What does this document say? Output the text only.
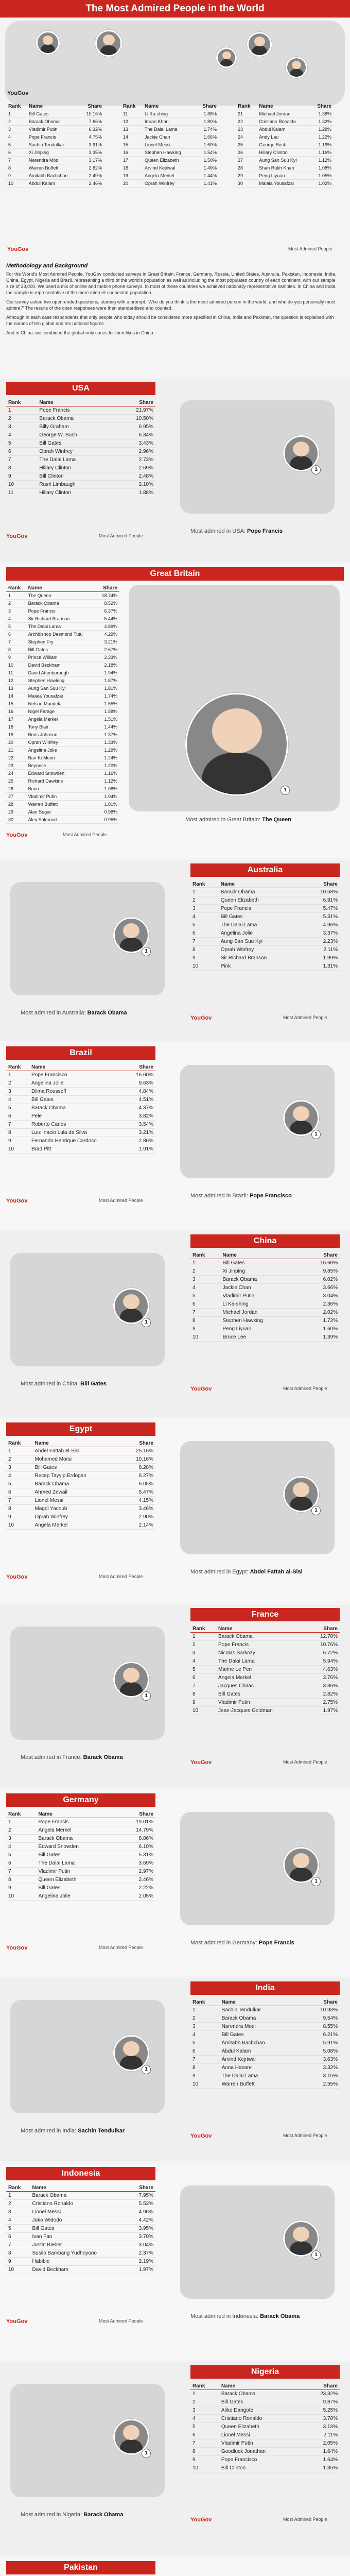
The Most Admired People in the World
YouGov
Rank	Name	Share
1	Bill Gates	10.16%
2	Barack Obama	7.66%
3	Vladimir Putin	6.32%
4	Pope Francis	4.75%
5	Sachin Tendulkar	3.91%
6	Xi Jinping	3.35%
7	Narendra Modi	3.17%
8	Warren Buffett	2.82%
9	Amitabh Bachchan	2.49%
10	Abdul Kalam	2.46%
Rank	Name	Share
11	Li Ka-shing	1.88%
12	Imran Khan	1.80%
13	The Dalai Lama	1.74%
14	Jackie Chan	1.66%
15	Lionel Messi	1.60%
16	Stephen Hawking	1.54%
17	Queen Elizabeth	1.50%
18	Arvind Kejriwal	1.49%
19	Angela Merkel	1.44%
20	Oprah Winfrey	1.41%
Rank	Name	Share
21	Michael Jordan	1.38%
22	Cristiano Ronaldo	1.32%
23	Abdul Kalam	1.28%
24	Andy Lau	1.22%
25	George Bush	1.19%
26	Hillary Clinton	1.16%
27	Aung San Suu Kyi	1.12%
28	Shah Rukh Khan	1.08%
29	Peng Liyuan	1.05%
30	Malala Yousafzai	1.02%
Most Admired People
YouGov
Methodology and Background

For the World's Most Admired People, YouGov conducted surveys in Great Britain, France, Germany, Russia, United States, Australia, Pakistan, Indonesia, India, China, Egypt, Nigeria and Brazil, representing a third of the world's population as well as including the most populated country of each continent, with our sample size of 23,000. We used a mix of online and mobile phone surveys. In most of these countries we achieved nationally representative samples. In China and India, the sample is representative of the more internet-connected population.

Our survey asked two open-ended questions, starting with a prompt: 'Who do you think is the most admired person in the world, and who do you personally most admire?' The results of the open responses were then standardised and counted.

Although in each case respondents that only people who today should be considered more specified in China, India and Pakistan, the question is explained with the names of ten global and ten national figures.

And in China, we combined the global-only cases for their likes in China.

USA
Rank	Name	Share
1	Pope Francis	21.97%
2	Barack Obama	10.50%
3	Billy Graham	6.95%
4	George W. Bush	6.34%
5	Bill Gates	3.43%
6	Oprah Winfrey	2.96%
7	The Dalai Lama	2.73%
8	Hillary Clinton	2.69%
9	Bill Clinton	2.48%
10	Rush Limbaugh	2.10%
11	Hillary Clinton	1.88%
1
Most admired in USA: Pope Francis
YouGov	Most Admired People
Great Britain
Rank	Name	Share
1	The Queen	18.74%
2	Barack Obama	8.52%
3	Pope Francis	6.37%
4	Sir Richard Branson	5.44%
5	The Dalai Lama	4.89%
6	Archbishop Desmond Tutu	4.29%
7	Stephen Fry	3.21%
8	Bill Gates	2.67%
9	Prince William	2.33%
10	David Beckham	2.18%
11	David Attenborough	1.94%
12	Stephen Hawking	1.87%
13	Aung San Suu Kyi	1.81%
14	Malala Yousafzai	1.74%
15	Nelson Mandela	1.65%
16	Nigel Farage	1.58%
17	Angela Merkel	1.51%
18	Tony Blair	1.44%
19	Boris Johnson	1.37%
20	Oprah Winfrey	1.33%
21	Angelina Jolie	1.29%
22	Ban Ki-Moon	1.24%
23	Beyonce	1.20%
24	Edward Snowden	1.16%
25	Richard Dawkins	1.12%
26	Bono	1.08%
27	Vladimir Putin	1.04%
28	Warren Buffett	1.01%
29	Alan Sugar	0.98%
30	Alex Salmond	0.95%
1
Most admired in Great Britain: The Queen
YouGov	Most Admired People
Australia
Rank	Name	Share
1	Barack Obama	10.58%
2	Queen Elizabeth	6.91%
3	Pope Francis	5.47%
4	Bill Gates	5.31%
5	The Dalai Lama	4.96%
6	Angelina Jolie	3.37%
7	Aung San Suu Kyi	2.23%
8	Oprah Winfrey	2.11%
9	Sir Richard Branson	1.99%
10	Pink	1.31%
1
Most admired in Australia: Barack Obama
YouGov	Most Admired People
Brazil
Rank	Name	Share
1	Pope Francisco	16.60%
2	Angelina Jolie	9.63%
3	Dilma Rousseff	4.84%
4	Bill Gates	4.51%
5	Barack Obama	4.37%
6	Pele	3.82%
7	Roberto Carlos	3.54%
8	Luiz Inacio Lula da Silva	3.21%
9	Fernando Henrique Cardoso	2.86%
10	Brad Pitt	1.91%
1
Most admired in Brazil: Pope Francisco
YouGov	Most Admired People
China
Rank	Name	Share
1	Bill Gates	16.66%
2	Xi Jinping	9.85%
3	Barack Obama	6.02%
4	Jackie Chan	3.66%
5	Vladimir Putin	3.04%
6	Li Ka-shing	2.36%
7	Michael Jordan	2.02%
8	Stephen Hawking	1.72%
9	Peng Liyuan	1.60%
10	Bruce Lee	1.39%
1
Most admired in China: Bill Gates
YouGov	Most Admired People
Egypt
Rank	Name	Share
1	Abdel Fattah el-Sisi	25.16%
2	Mohamed Morsi	10.16%
3	Bill Gates	8.28%
4	Recep Tayyip Erdogan	6.27%
5	Barack Obama	6.05%
6	Ahmed Zewail	5.47%
7	Lionel Messi	4.15%
8	Magdi Yacoub	3.46%
9	Oprah Winfrey	2.90%
10	Angela Merkel	2.14%
1
Most admired in Egypt: Abdel Fattah al-Sisi
YouGov	Most Admired People
France
Rank	Name	Share
1	Barack Obama	12.78%
2	Pope Francis	10.76%
3	Nicolas Sarkozy	6.72%
4	The Dalai Lama	5.94%
5	Marine Le Pen	4.63%
6	Angela Merkel	3.76%
7	Jacques Chirac	3.36%
8	Bill Gates	2.82%
9	Vladimir Putin	2.75%
10	Jean-Jacques Goldman	1.97%
1
Most admired in France: Barack Obama
YouGov	Most Admired People
Germany
Rank	Name	Share
1	Pope Francis	19.01%
2	Angela Merkel	14.79%
3	Barack Obama	8.86%
4	Edward Snowden	6.10%
5	Bill Gates	5.31%
6	The Dalai Lama	3.69%
7	Vladimir Putin	2.97%
8	Queen Elizabeth	2.46%
9	Bill Gates	2.22%
10	Angelina Jolie	2.05%
1
Most admired in Germany: Pope Francis
YouGov	Most Admired People
India
Rank	Name	Share
1	Sachin Tendulkar	10.93%
2	Barack Obama	9.54%
3	Narendra Modi	8.55%
4	Bill Gates	6.21%
5	Amitabh Bachchan	5.91%
6	Abdul Kalam	5.08%
7	Arvind Kejriwal	3.63%
8	Anna Hazare	3.32%
9	The Dalai Lama	3.15%
10	Warren Buffett	2.55%
1
Most admired in India: Sachin Tendulkar
YouGov	Most Admired People
Indonesia
Rank	Name	Share
1	Barack Obama	7.95%
2	Cristiano Ronaldo	5.53%
3	Lionel Messi	4.96%
4	Joko Widodo	4.42%
5	Bill Gates	3.95%
6	Ivan Fan	3.70%
7	Justin Bieber	3.04%
8	Susilo Bambang Yudhoyono	2.37%
9	Habibie	2.19%
10	David Beckham	1.97%
1
Most admired in Indonesia: Barack Obama
YouGov	Most Admired People
Nigeria
Rank	Name	Share
1	Barack Obama	23.32%
2	Bill Gates	9.87%
3	Aliko Dangote	5.25%
4	Cristiano Ronaldo	3.78%
5	Queen Elizabeth	3.13%
6	Lionel Messi	2.11%
7	Vladimir Putin	2.05%
8	Goodluck Jonathan	1.64%
9	Pope Francisco	1.64%
10	Bill Clinton	1.35%
1
Most admired in Nigeria: Barack Obama
YouGov	Most Admired People
Pakistan
